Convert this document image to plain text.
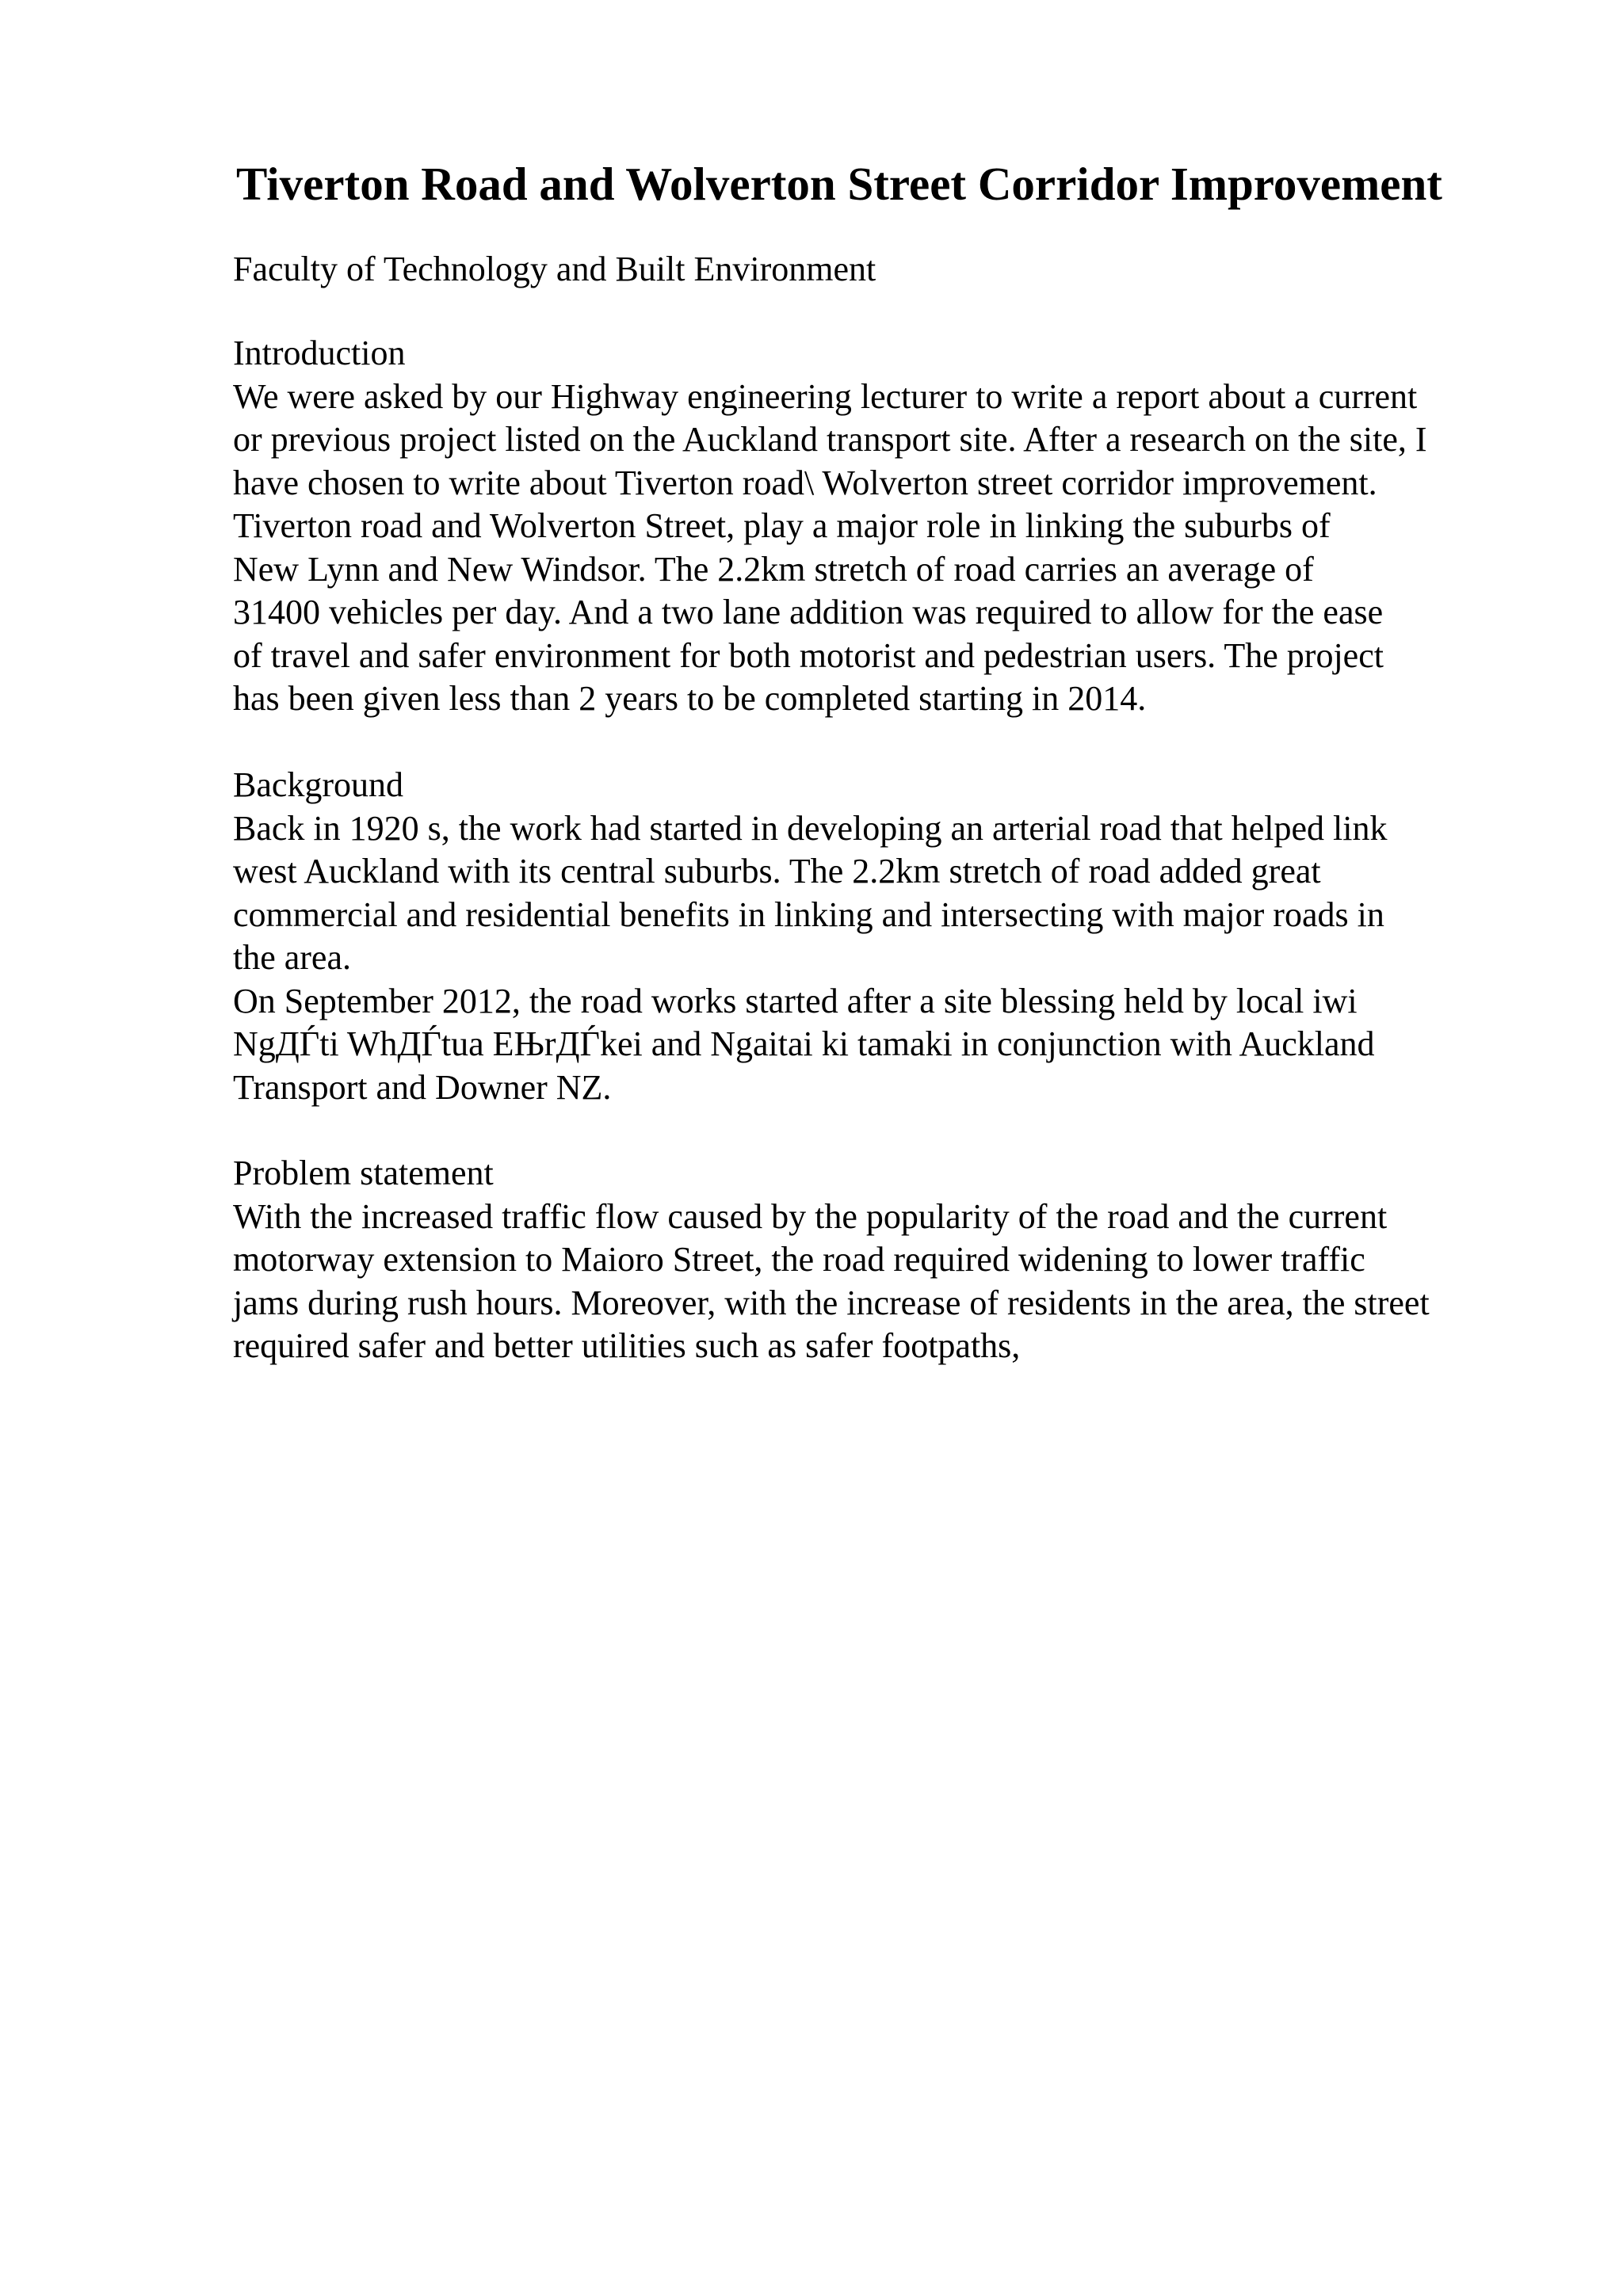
Tiverton Road and Wolverton Street Corridor Improvement
Faculty of Technology and Built Environment
Introduction
We were asked by our Highway engineering lecturer to write a report about a current
or previous project listed on the Auckland transport site. After a research on the site, I
have chosen to write about Tiverton road\ Wolverton street corridor improvement.
Tiverton road and Wolverton Street, play a major role in linking the suburbs of
New Lynn and New Windsor. The 2.2km stretch of road carries an average of
31400 vehicles per day. And a two lane addition was required to allow for the ease
of travel and safer environment for both motorist and pedestrian users. The project
has been given less than 2 years to be completed starting in 2014.
Background
Back in 1920 s, the work had started in developing an arterial road that helped link
west Auckland with its central suburbs. The 2.2km stretch of road added great
commercial and residential benefits in linking and intersecting with major roads in
the area.
On September 2012, the road works started after a site blessing held by local iwi
NgДЃti WhДЃtua EЊrДЃkei and Ngaitai ki tamaki in conjunction with Auckland
Transport and Downer NZ.
Problem statement
With the increased traffic flow caused by the popularity of the road and the current
motorway extension to Maioro Street, the road required widening to lower traffic
jams during rush hours. Moreover, with the increase of residents in the area, the street
required safer and better utilities such as safer footpaths,
